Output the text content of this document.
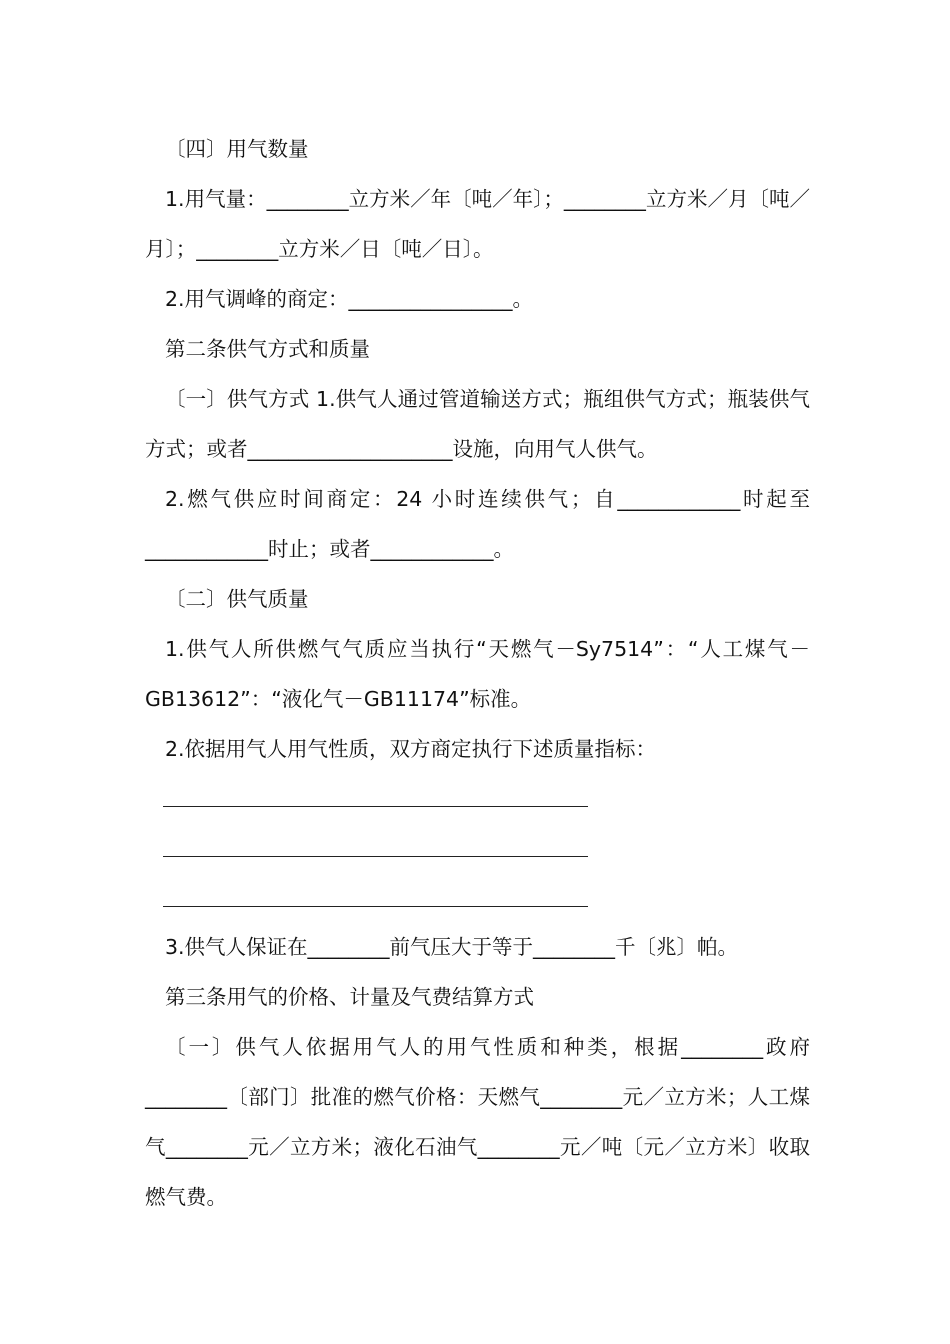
〔四〕用气数量

1.用气量：________立方米／年〔吨／年〕；________立方米／月〔吨／月〕；________立方米／日〔吨／日〕。

2.用气调峰的商定：________________。

第二条供气方式和质量

〔一〕供气方式 1.供气人通过管道输送方式；瓶组供气方式；瓶装供气方式；或者____________________设施，向用气人供气。

2.燃气供应时间商定：24 小时连续供气；自____________时起至____________时止；或者____________。

〔二〕供气质量

1.供气人所供燃气气质应当执行“天燃气－Sy7514”：“人工煤气－GB13612”：“液化气－GB11174”标准。

2.依据用气人用气性质，双方商定执行下述质量指标：

3.供气人保证在________前气压大于等于________千〔兆〕帕。

第三条用气的价格、计量及气费结算方式

〔一〕供气人依据用气人的用气性质和种类，根据________政府________〔部门〕批准的燃气价格：天燃气________元／立方米；人工煤气________元／立方米；液化石油气________元／吨〔元／立方米〕收取燃气费。
